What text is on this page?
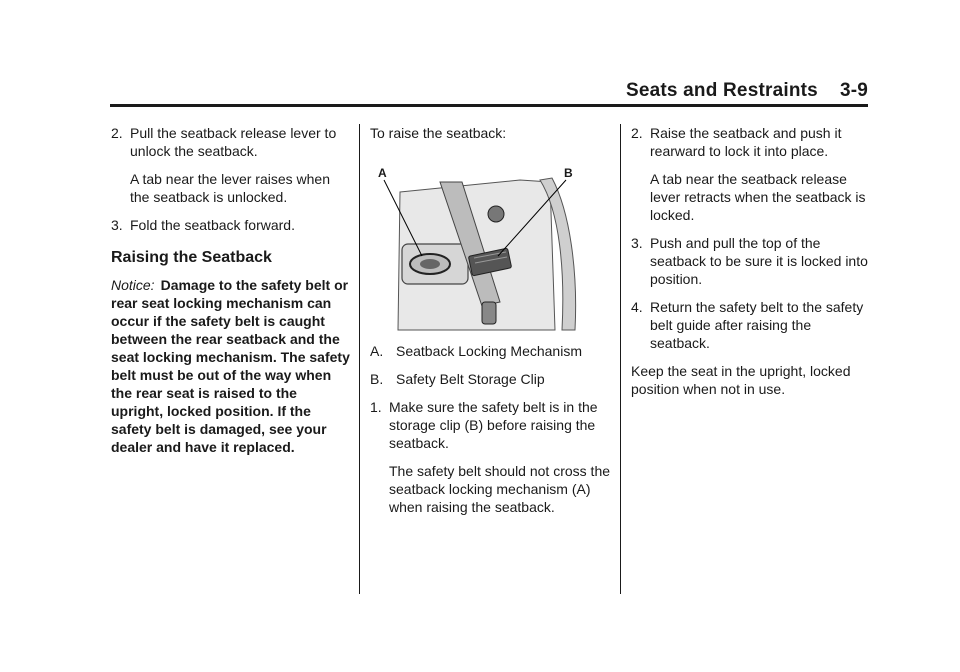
Seats and Restraints 3-9
2. Pull the seatback release lever to unlock the seatback.

A tab near the lever raises when the seatback is unlocked.

3. Fold the seatback forward.

Raising the Seatback

Notice: Damage to the safety belt or rear seat locking mechanism can occur if the safety belt is caught between the rear seatback and the seat locking mechanism. The safety belt must be out of the way when the rear seat is raised to the upright, locked position. If the safety belt is damaged, see your dealer and have it replaced.

To raise the seatback:

A	B
A. Seatback Locking Mechanism
B. Safety Belt Storage Clip
1. Make sure the safety belt is in the storage clip (B) before raising the seatback.

The safety belt should not cross the seatback locking mechanism (A) when raising the seatback.

2. Raise the seatback and push it rearward to lock it into place.

A tab near the seatback release lever retracts when the seatback is locked.

3. Push and pull the top of the seatback to be sure it is locked into position.

4. Return the safety belt to the safety belt guide after raising the seatback.

Keep the seat in the upright, locked position when not in use.
